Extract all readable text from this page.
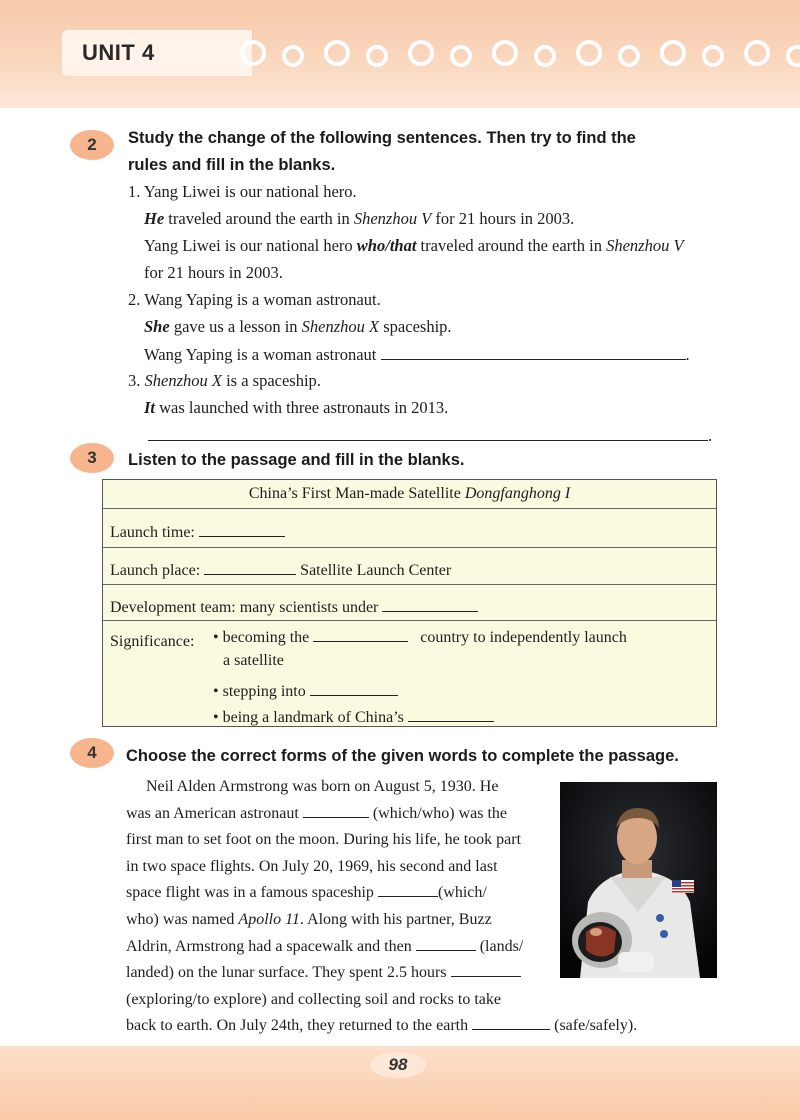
UNIT 4
2	Study the change of the following sentences. Then try to find the
rules and fill in the blanks.
1. Yang Liwei is our national hero.
He traveled around the earth in Shenzhou V for 21 hours in 2003.
Yang Liwei is our national hero who/that traveled around the earth in Shenzhou V
for 21 hours in 2003.
2. Wang Yaping is a woman astronaut.
She gave us a lesson in Shenzhou X spaceship.
Wang Yaping is a woman astronaut	.
3. Shenzhou X is a spaceship.
It was launched with three astronauts in 2013.
.
3	Listen to the passage and fill in the blanks.
China’s First Man-made Satellite Dongfanghong I
Launch time:
Launch place:	Satellite Launch Center
Development team: many scientists under
Significance: • becoming the	country to independently launch
a satellite
• stepping into
• being a landmark of China’s
4	Choose the correct forms of the given words to complete the passage.
Neil Alden Armstrong was born on August 5, 1930. He
was an American astronaut	(which/who) was the
first man to set foot on the moon. During his life, he took part
in two space flights. On July 20, 1969, his second and last
space flight was in a famous spaceship	(which/
who) was named Apollo 11. Along with his partner, Buzz
Aldrin, Armstrong had a spacewalk and then	(lands/
landed) on the lunar surface. They spent 2.5 hours
(exploring/to explore) and collecting soil and rocks to take
back to earth. On July 24th, they returned to the earth	(safe/safely).
98
